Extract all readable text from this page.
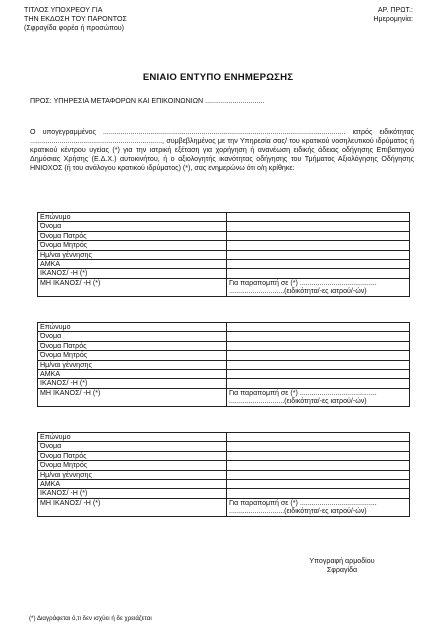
ΤΙΤΛΟΣ ΥΠΟΧΡΕΟΥ ΓΙΑ
ΤΗΝ ΕΚΔΟΣΗ ΤΟΥ ΠΑΡΟΝΤΟΣ
(Σφραγίδα φορέα ή προσώπου)
ΑΡ. ΠΡΩΤ.:
Ημερομηνία:
ΕΝΙΑΙΟ ΕΝΤΥΠΟ ΕΝΗΜΕΡΩΣΗΣ
ΠΡΟΣ: ΥΠΗΡΕΣΙΑ ΜΕΤΑΦΟΡΩΝ ΚΑΙ ΕΠΙΚΟΙΝΩΝΙΩΝ ..............................
Ο υπογεγραμμένος ........................................................................................................................... ιατρός ειδικότητας ..................................................................., συμβεβλημένος με την Υπηρεσία σας/ του κρατικού νοσηλευτικού ιδρύματος ή κρατικού κέντρου υγείας (*) για την ιατρική εξέταση για χορήγηση ή ανανέωση ειδικής άδειας οδήγησης Επιβατηγού Δημόσιας Χρήσης (Ε.Δ.Χ.) αυτοκινήτου, ή ο αξιολογητής ικανότητας οδήγησης του Τμήματος Αξιολόγησης Οδήγησης ΗΝΙΟΧΟΣ (ή του ανάλογου κρατικού ιδρύματος) (*), σας ενημερώνω ότι ο/η κρίθηκε:
Επώνυμο	
Όνομα	
Όνομα Πατρός	
Όνομα Μητρός	
Ημ/ναι γέννησης	
ΑΜΚΑ	
ΙΚΑΝΟΣ/ -Η (*)	
ΜΗ ΙΚΑΝΟΣ/ -Η (*)	Για παραπομπή σε (*) .......................................
............................(ειδικότητα/-ες ιατρού/-ών)
Επώνυμο	
Όνομα	
Όνομα Πατρός	
Όνομα Μητρός	
Ημ/ναι γέννησης	
ΑΜΚΑ	
ΙΚΑΝΟΣ/ -Η (*)	
ΜΗ ΙΚΑΝΟΣ/ -Η (*)	Για παραπομπή σε (*) .......................................
............................(ειδικότητα/-ες ιατρού/-ών)
Επώνυμο	
Όνομα	
Όνομα Πατρός	
Όνομα Μητρός	
Ημ/ναι γέννησης	
ΑΜΚΑ	
ΙΚΑΝΟΣ/ -Η (*)	
ΜΗ ΙΚΑΝΟΣ/ -Η (*)	Για παραπομπή σε (*) .......................................
............................(ειδικότητα/-ες ιατρού/-ών)
Υπογραφή αρμοδίου
Σφραγίδα
(*) Διαγράφεται ό,τι δεν ισχύει ή δε χρειάζεται
